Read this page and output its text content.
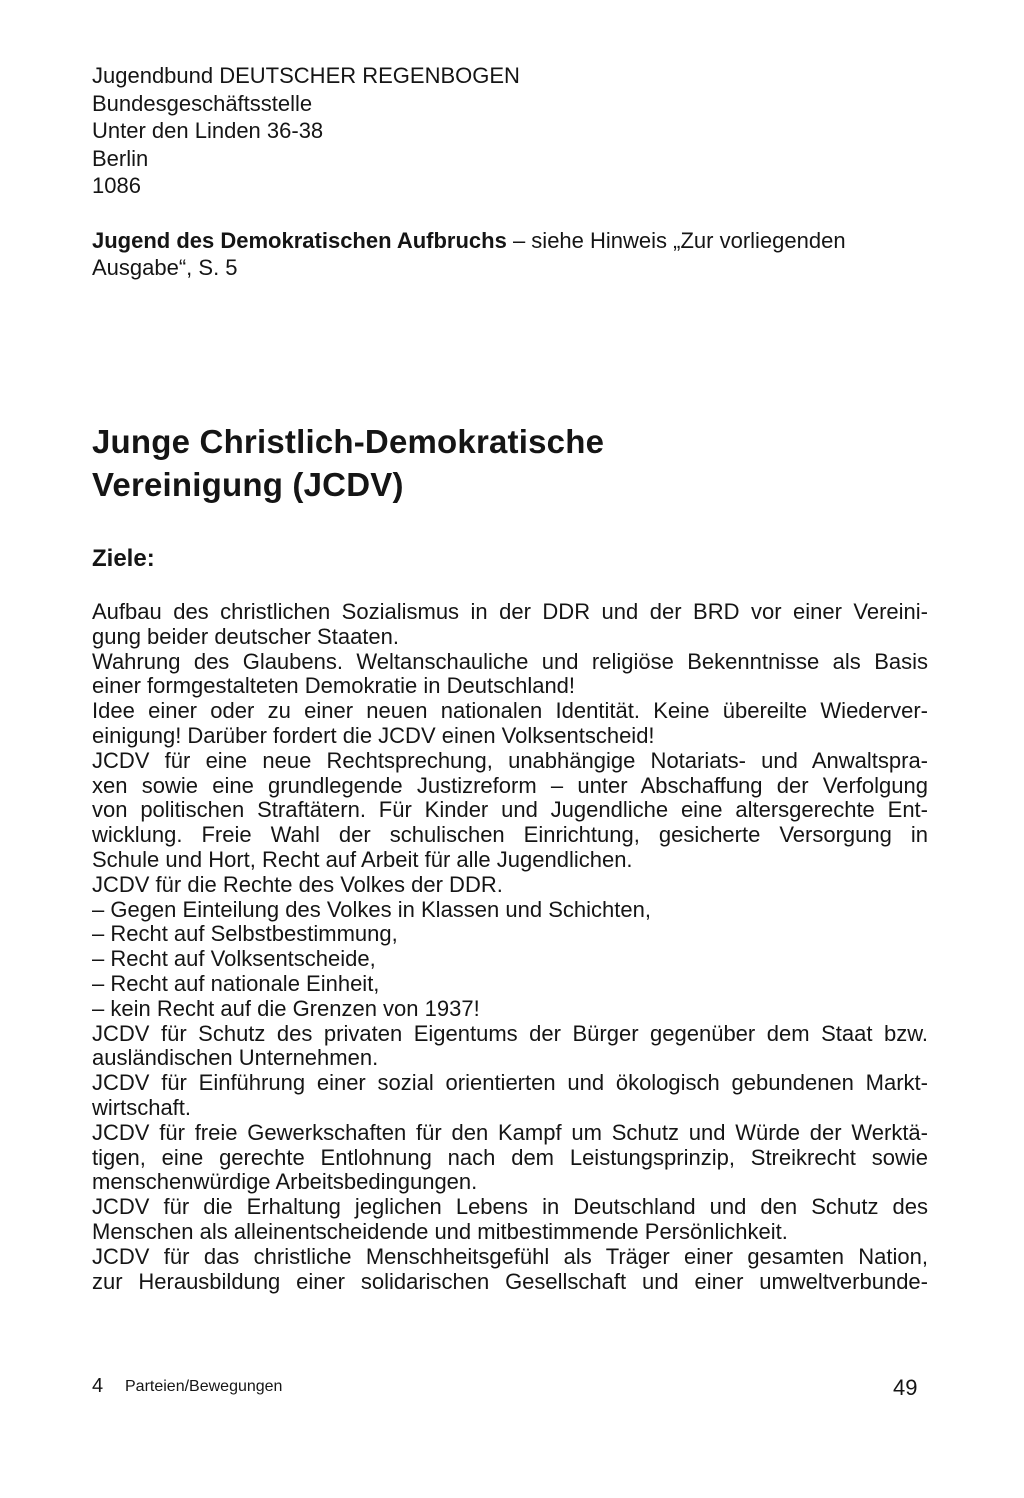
Jugendbund DEUTSCHER REGENBOGEN
Bundesgeschäftsstelle
Unter den Linden 36-38
Berlin
1086
Jugend des Demokratischen Aufbruchs – siehe Hinweis „Zur vorliegenden Ausgabe“, S. 5
Junge Christlich-Demokratische
Vereinigung (JCDV)
Ziele:
Aufbau des christlichen Sozialismus in der DDR und der BRD vor einer Vereini-
gung beider deutscher Staaten.
Wahrung des Glaubens. Weltanschauliche und religiöse Bekenntnisse als Basis
einer formgestalteten Demokratie in Deutschland!
Idee einer oder zu einer neuen nationalen Identität. Keine übereilte Wiederver-
einigung! Darüber fordert die JCDV einen Volksentscheid!
JCDV für eine neue Rechtsprechung, unabhängige Notariats- und Anwaltspra-
xen sowie eine grundlegende Justizreform – unter Abschaffung der Verfolgung
von politischen Straftätern. Für Kinder und Jugendliche eine altersgerechte Ent-
wicklung. Freie Wahl der schulischen Einrichtung, gesicherte Versorgung in
Schule und Hort, Recht auf Arbeit für alle Jugendlichen.
JCDV für die Rechte des Volkes der DDR.
– Gegen Einteilung des Volkes in Klassen und Schichten,
– Recht auf Selbstbestimmung,
– Recht auf Volksentscheide,
– Recht auf nationale Einheit,
– kein Recht auf die Grenzen von 1937!
JCDV für Schutz des privaten Eigentums der Bürger gegenüber dem Staat bzw.
ausländischen Unternehmen.
JCDV für Einführung einer sozial orientierten und ökologisch gebundenen Markt-
wirtschaft.
JCDV für freie Gewerkschaften für den Kampf um Schutz und Würde der Werktä-
tigen, eine gerechte Entlohnung nach dem Leistungsprinzip, Streikrecht sowie
menschenwürdige Arbeitsbedingungen.
JCDV für die Erhaltung jeglichen Lebens in Deutschland und den Schutz des
Menschen als alleinentscheidende und mitbestimmende Persönlichkeit.
JCDV für das christliche Menschheitsgefühl als Träger einer gesamten Nation,
zur Herausbildung einer solidarischen Gesellschaft und einer umweltverbunde-
4 Parteien/Bewegungen	49
